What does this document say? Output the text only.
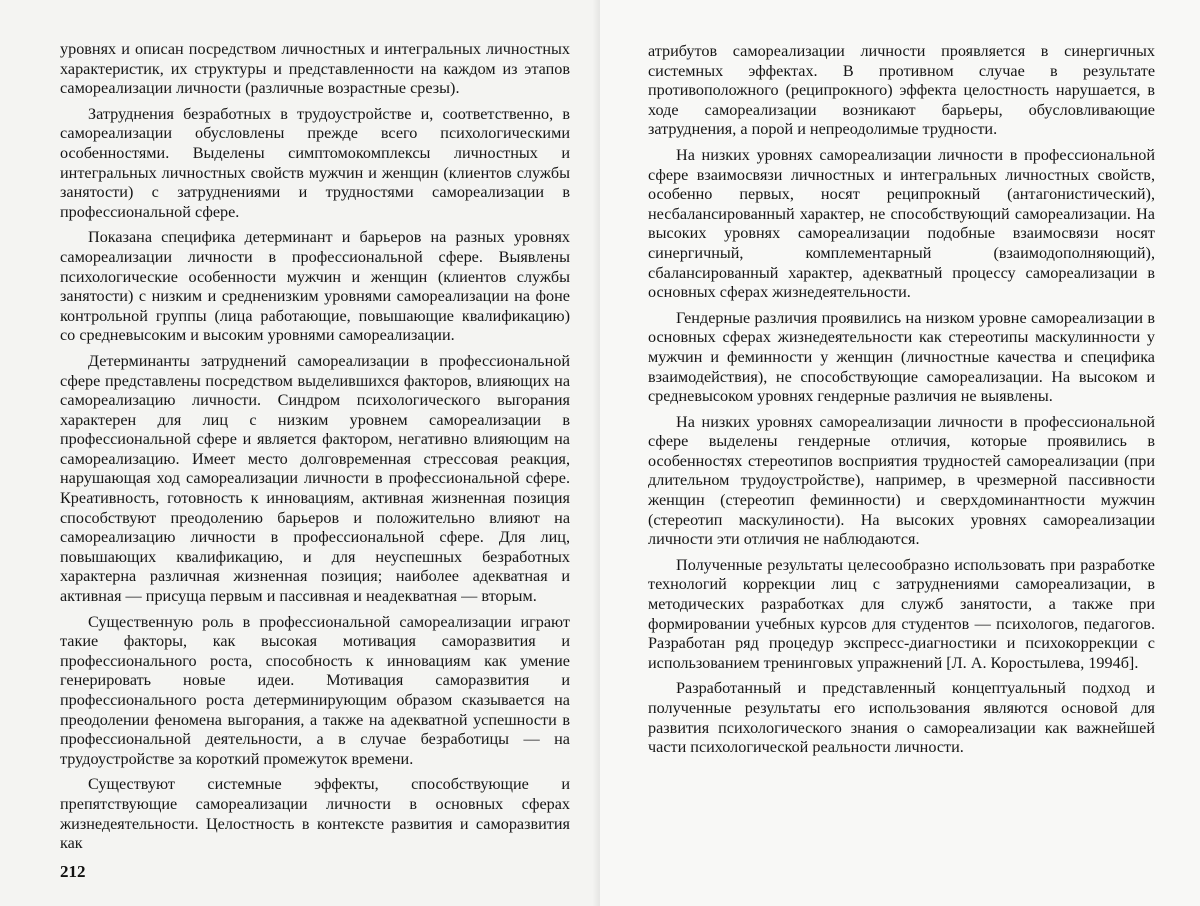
уровнях и описан посредством личностных и интегральных личностных характеристик, их структуры и представленности на каждом из этапов самореализации личности (различные возрастные срезы).

Затруднения безработных в трудоустройстве и, соответственно, в самореализации обусловлены прежде всего психологическими особенностями. Выделены симптомокомплексы личностных и интегральных личностных свойств мужчин и женщин (клиентов службы занятости) с затруднениями и трудностями самореализации в профессиональной сфере.

Показана специфика детерминант и барьеров на разных уровнях самореализации личности в профессиональной сфере. Выявлены психологические особенности мужчин и женщин (клиентов службы занятости) с низким и средненизким уровнями самореализации на фоне контрольной группы (лица работающие, повышающие квалификацию) со средневысоким и высоким уровнями самореализации.

Детерминанты затруднений самореализации в профессиональной сфере представлены посредством выделившихся факторов, влияющих на самореализацию личности. Синдром психологического выгорания характерен для лиц с низким уровнем самореализации в профессиональной сфере и является фактором, негативно влияющим на самореализацию. Имеет место долговременная стрессовая реакция, нарушающая ход самореализации личности в профессиональной сфере. Креативность, готовность к инновациям, активная жизненная позиция способствуют преодолению барьеров и положительно влияют на самореализацию личности в профессиональной сфере. Для лиц, повышающих квалификацию, и для неуспешных безработных характерна различная жизненная позиция; наиболее адекватная и активная — присуща первым и пассивная и неадекватная — вторым.

Существенную роль в профессиональной самореализации играют такие факторы, как высокая мотивация саморазвития и профессионального роста, способность к инновациям как умение генерировать новые идеи. Мотивация саморазвития и профессионального роста детерминирующим образом сказывается на преодолении феномена выгорания, а также на адекватной успешности в профессиональной деятельности, а в случае безработицы — на трудоустройстве за короткий промежуток времени.

Существуют системные эффекты, способствующие и препятствующие самореализации личности в основных сферах жизнедеятельности. Целостность в контексте развития и саморазвития как

212

атрибутов самореализации личности проявляется в синергичных системных эффектах. В противном случае в результате противоположного (реципрокного) эффекта целостность нарушается, в ходе самореализации возникают барьеры, обусловливающие затруднения, а порой и непреодолимые трудности.

На низких уровнях самореализации личности в профессиональной сфере взаимосвязи личностных и интегральных личностных свойств, особенно первых, носят реципрокный (антагонистический), несбалансированный характер, не способствующий самореализации. На высоких уровнях самореализации подобные взаимосвязи носят синергичный, комплементарный (взаимодополняющий), сбалансированный характер, адекватный процессу самореализации в основных сферах жизнедеятельности.

Гендерные различия проявились на низком уровне самореализации в основных сферах жизнедеятельности как стереотипы маскулинности у мужчин и феминности у женщин (личностные качества и специфика взаимодействия), не способствующие самореализации. На высоком и средневысоком уровнях гендерные различия не выявлены.

На низких уровнях самореализации личности в профессиональной сфере выделены гендерные отличия, которые проявились в особенностях стереотипов восприятия трудностей самореализации (при длительном трудоустройстве), например, в чрезмерной пассивности женщин (стереотип феминности) и сверхдоминантности мужчин (стереотип маскулиности). На высоких уровнях самореализации личности эти отличия не наблюдаются.

Полученные результаты целесообразно использовать при разработке технологий коррекции лиц с затруднениями самореализации, в методических разработках для служб занятости, а также при формировании учебных курсов для студентов — психологов, педагогов. Разработан ряд процедур экспресс-диагностики и психокоррекции с использованием тренинговых упражнений [Л. А. Коростылева, 1994б].

Разработанный и представленный концептуальный подход и полученные результаты его использования являются основой для развития психологического знания о самореализации как важнейшей части психологической реальности личности.
